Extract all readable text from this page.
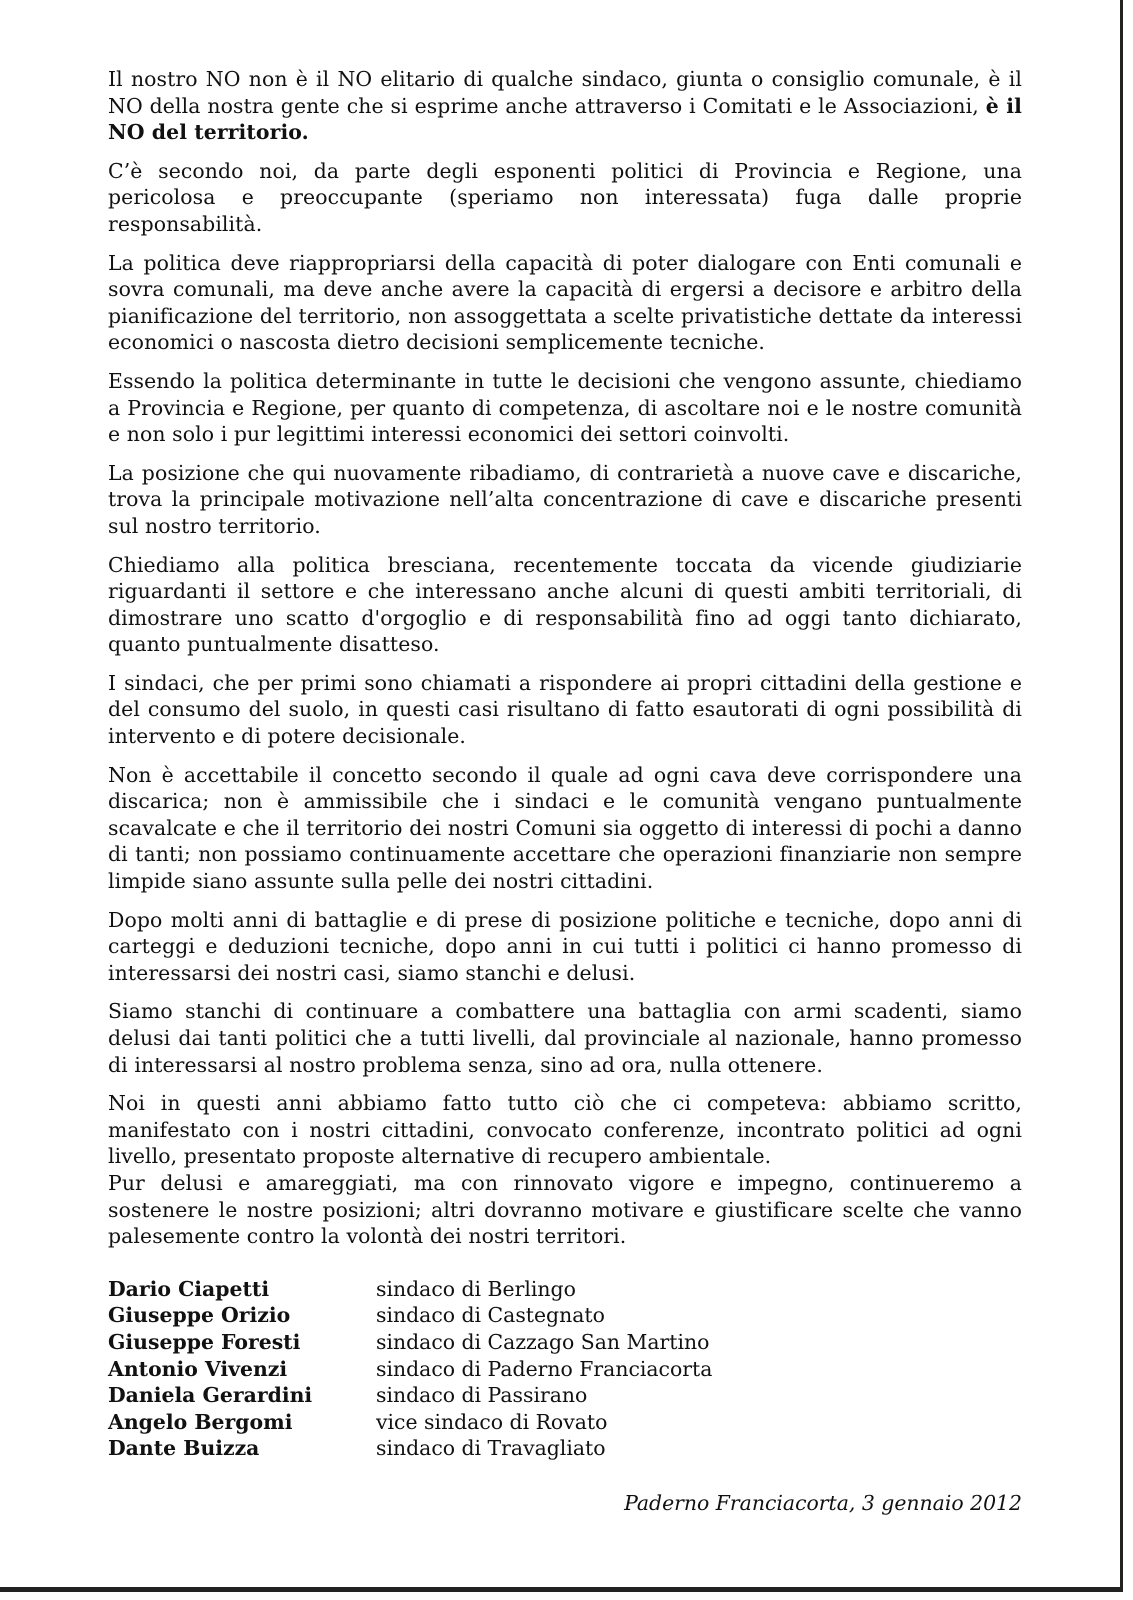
Il nostro NO non è il NO elitario di qualche sindaco, giunta o consiglio comunale, è il NO della nostra gente che si esprime anche attraverso i Comitati e le Associazioni, è il NO del territorio.

C’è secondo noi, da parte degli esponenti politici di Provincia e Regione, una pericolosa e preoccupante (speriamo non interessata) fuga dalle proprie responsabilità.

La politica deve riappropriarsi della capacità di poter dialogare con Enti comunali e sovra comunali, ma deve anche avere la capacità di ergersi a decisore e arbitro della pianificazione del territorio, non assoggettata a scelte privatistiche dettate da interessi economici o nascosta dietro decisioni semplicemente tecniche.

Essendo la politica determinante in tutte le decisioni che vengono assunte, chiediamo a Provincia e Regione, per quanto di competenza, di ascoltare noi e le nostre comunità e non solo i pur legittimi interessi economici dei settori coinvolti.

La posizione che qui nuovamente ribadiamo, di contrarietà a nuove cave e discariche, trova la principale motivazione nell’alta concentrazione di cave e discariche presenti sul nostro territorio.

Chiediamo alla politica bresciana, recentemente toccata da vicende giudiziarie riguardanti il settore e che interessano anche alcuni di questi ambiti territoriali, di dimostrare uno scatto d'orgoglio e di responsabilità fino ad oggi tanto dichiarato, quanto puntualmente disatteso.

I sindaci, che per primi sono chiamati a rispondere ai propri cittadini della gestione e del consumo del suolo, in questi casi risultano di fatto esautorati di ogni possibilità di intervento e di potere decisionale.

Non è accettabile il concetto secondo il quale ad ogni cava deve corrispondere una discarica; non è ammissibile che i sindaci e le comunità vengano puntualmente scavalcate e che il territorio dei nostri Comuni sia oggetto di interessi di pochi a danno di tanti; non possiamo continuamente accettare che operazioni finanziarie non sempre limpide siano assunte sulla pelle dei nostri cittadini.

Dopo molti anni di battaglie e di prese di posizione politiche e tecniche, dopo anni di carteggi e deduzioni tecniche, dopo anni in cui tutti i politici ci hanno promesso di interessarsi dei nostri casi, siamo stanchi e delusi.

Siamo stanchi di continuare a combattere una battaglia con armi scadenti, siamo delusi dai tanti politici che a tutti livelli, dal provinciale al nazionale, hanno promesso di interessarsi al nostro problema senza, sino ad ora, nulla ottenere.

Noi in questi anni abbiamo fatto tutto ciò che ci competeva: abbiamo scritto, manifestato con i nostri cittadini, convocato conferenze, incontrato politici ad ogni livello, presentato proposte alternative di recupero ambientale.

Pur delusi e amareggiati, ma con rinnovato vigore e impegno, continueremo a sostenere le nostre posizioni; altri dovranno motivare e giustificare scelte che vanno palesemente contro la volontà dei nostri territori.

Dario Ciapetti	sindaco di Berlingo
Giuseppe Orizio	sindaco di Castegnato
Giuseppe Foresti	sindaco di Cazzago San Martino
Antonio Vivenzi	sindaco di Paderno Franciacorta
Daniela Gerardini	sindaco di Passirano
Angelo Bergomi	vice sindaco di Rovato
Dante Buizza	sindaco di Travagliato
Paderno Franciacorta, 3 gennaio 2012
